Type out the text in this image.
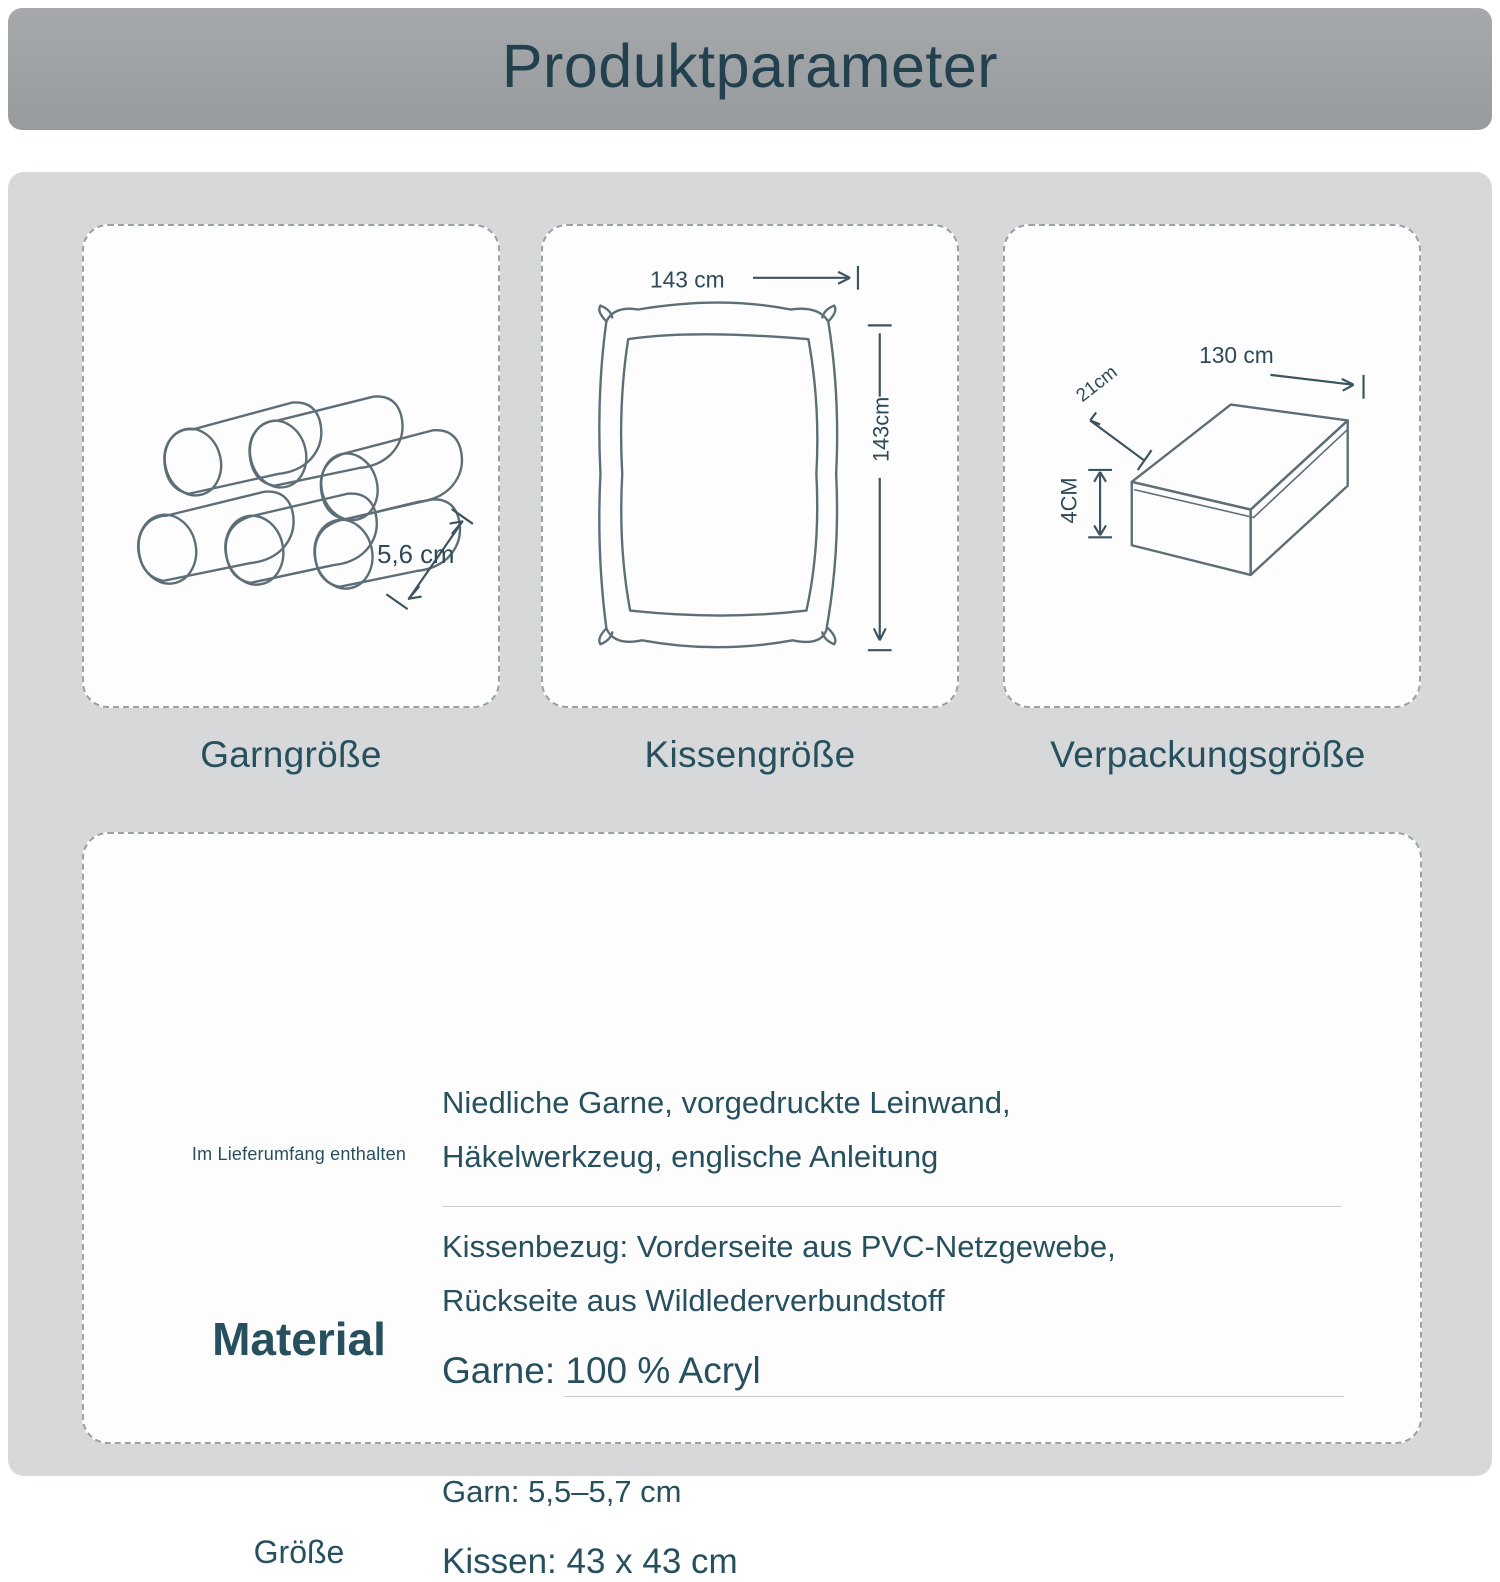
Produktparameter
5,6 cm
143 cm
143cm
130 cm
21cm
4CM
Garngröße	Kissengröße	Verpackungsgröße
Im Lieferumfang enthalten
Material
Größe
Niedliche Garne, vorgedruckte Leinwand,
Häkelwerkzeug, englische Anleitung
Kissenbezug: Vorderseite aus PVC-Netzgewebe,
Rückseite aus Wildlederverbundstoff
Garne: 100 % Acryl
Garn: 5,5–5,7 cm
Kissen: 43 x 43 cm
